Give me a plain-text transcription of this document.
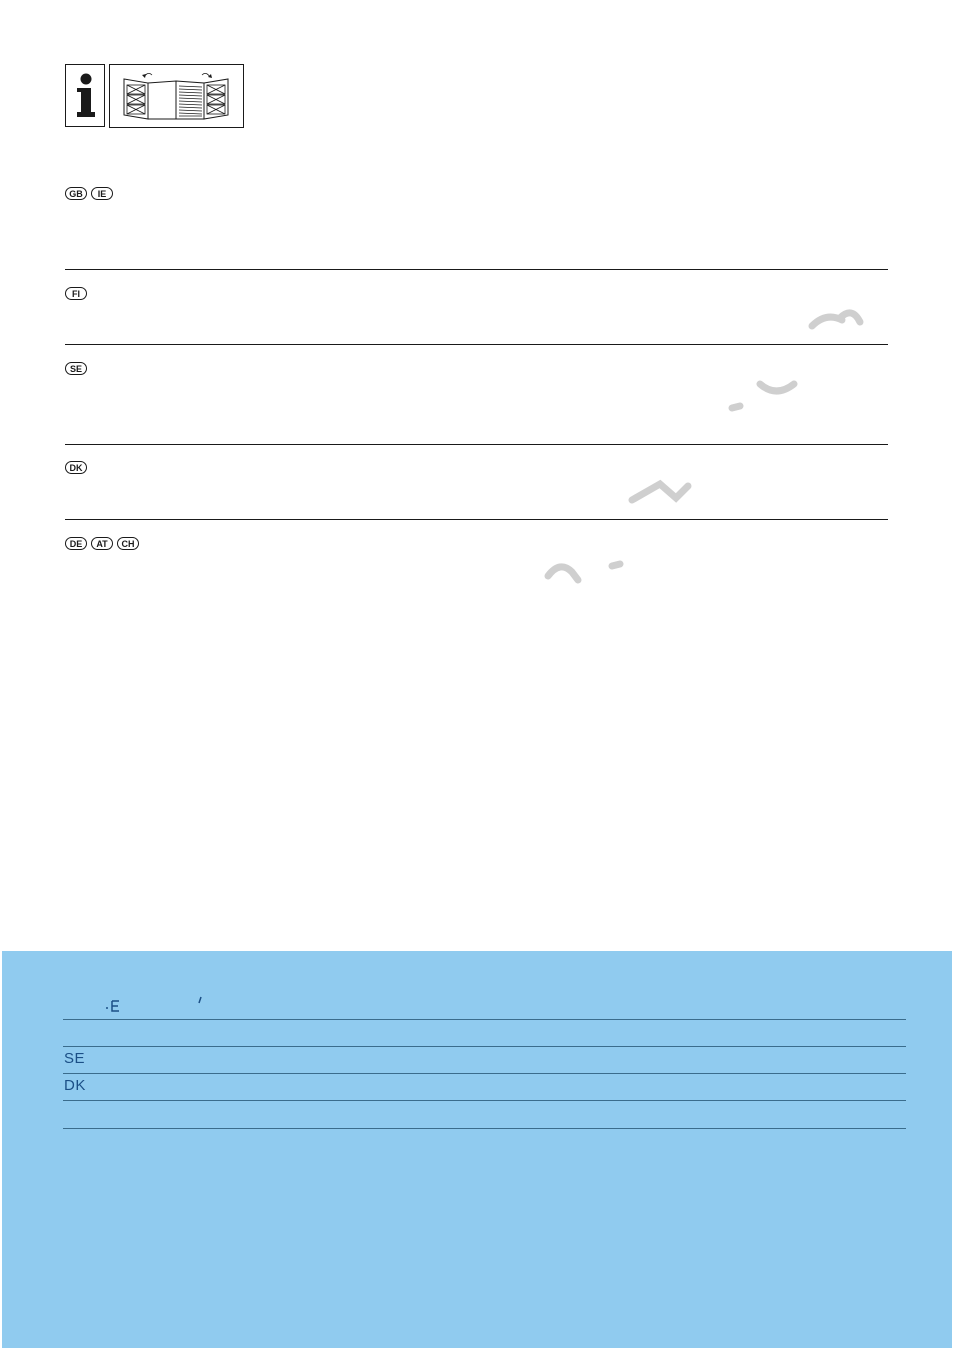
GB	IE
FI
SE
DK
DE	AT	CH
SE
DK
